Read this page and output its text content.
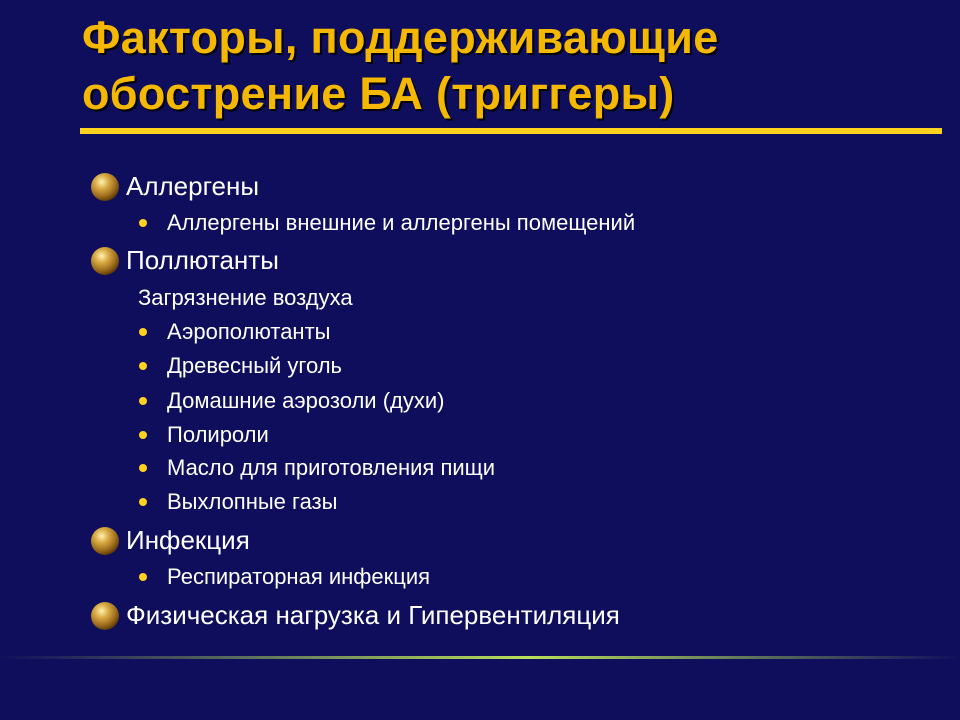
Факторы, поддерживающие
обострение БА (триггеры)
Аллергены
Аллергены внешние и аллергены помещений
Поллютанты
Загрязнение воздуха
Аэрополютанты
Древесный уголь
Домашние аэрозоли (духи)
Полироли
Масло для приготовления пищи
Выхлопные газы
Инфекция
Респираторная инфекция
Физическая нагрузка и Гипервентиляция
